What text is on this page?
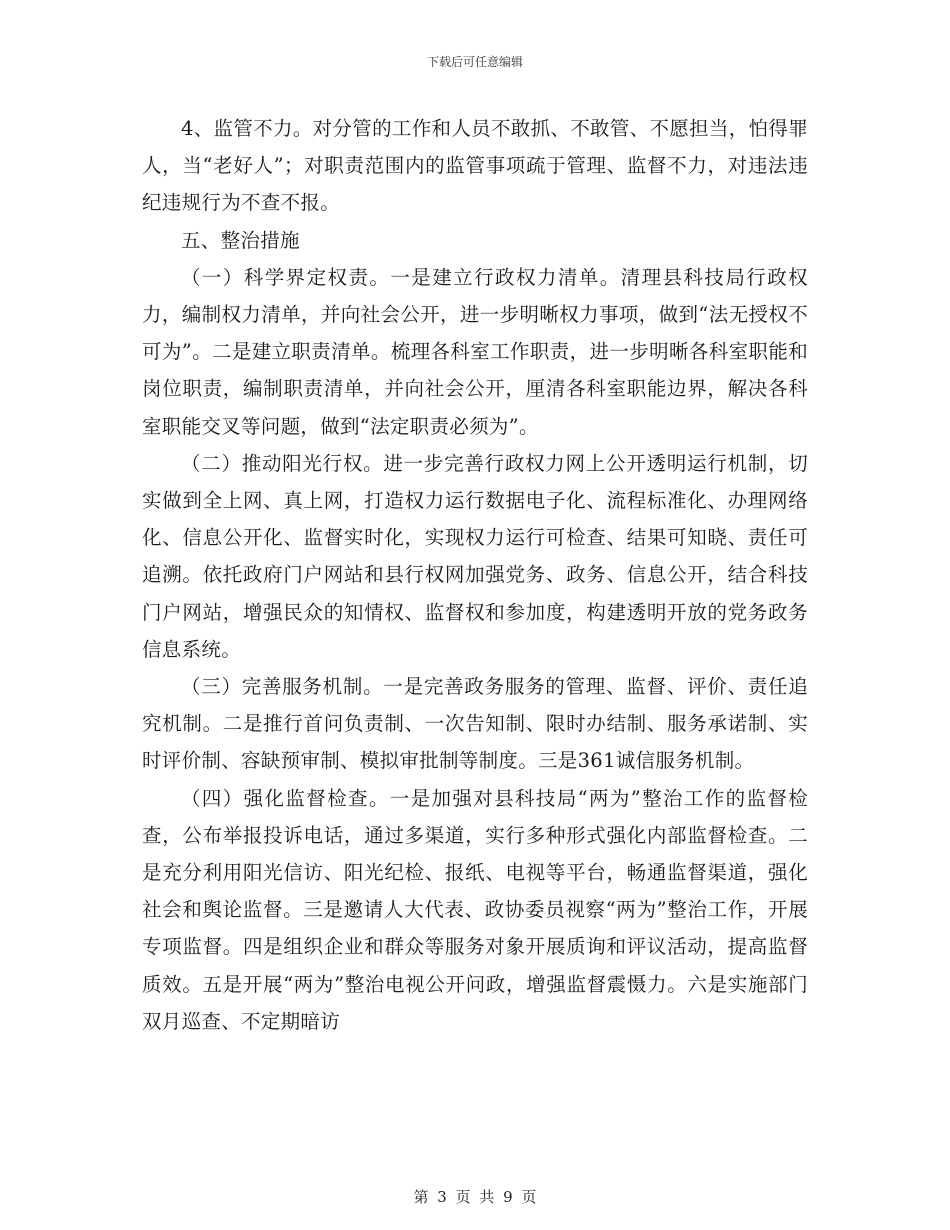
下载后可任意编辑

4、监管不力。对分管的工作和人员不敢抓、不敢管、不愿担当，怕得罪人，当“老好人”；对职责范围内的监管事项疏于管理、监督不力，对违法违纪违规行为不查不报。

五、整治措施

（一）科学界定权责。一是建立行政权力清单。清理县科技局行政权力，编制权力清单，并向社会公开，进一步明晰权力事项，做到“法无授权不可为”。二是建立职责清单。梳理各科室工作职责，进一步明晰各科室职能和岗位职责，编制职责清单，并向社会公开，厘清各科室职能边界，解决各科室职能交叉等问题，做到“法定职责必须为”。

（二）推动阳光行权。进一步完善行政权力网上公开透明运行机制，切实做到全上网、真上网，打造权力运行数据电子化、流程标准化、办理网络化、信息公开化、监督实时化，实现权力运行可检查、结果可知晓、责任可追溯。依托政府门户网站和县行权网加强党务、政务、信息公开，结合科技门户网站，增强民众的知情权、监督权和参加度，构建透明开放的党务政务信息系统。

（三）完善服务机制。一是完善政务服务的管理、监督、评价、责任追究机制。二是推行首问负责制、一次告知制、限时办结制、服务承诺制、实时评价制、容缺预审制、模拟审批制等制度。三是361诚信服务机制。

（四）强化监督检查。一是加强对县科技局“两为”整治工作的监督检查，公布举报投诉电话，通过多渠道，实行多种形式强化内部监督检查。二是充分利用阳光信访、阳光纪检、报纸、电视等平台，畅通监督渠道，强化社会和舆论监督。三是邀请人大代表、政协委员视察“两为”整治工作，开展专项监督。四是组织企业和群众等服务对象开展质询和评议活动，提高监督质效。五是开展“两为”整治电视公开问政，增强监督震慑力。六是实施部门双月巡查、不定期暗访

第 3 页 共 9 页
